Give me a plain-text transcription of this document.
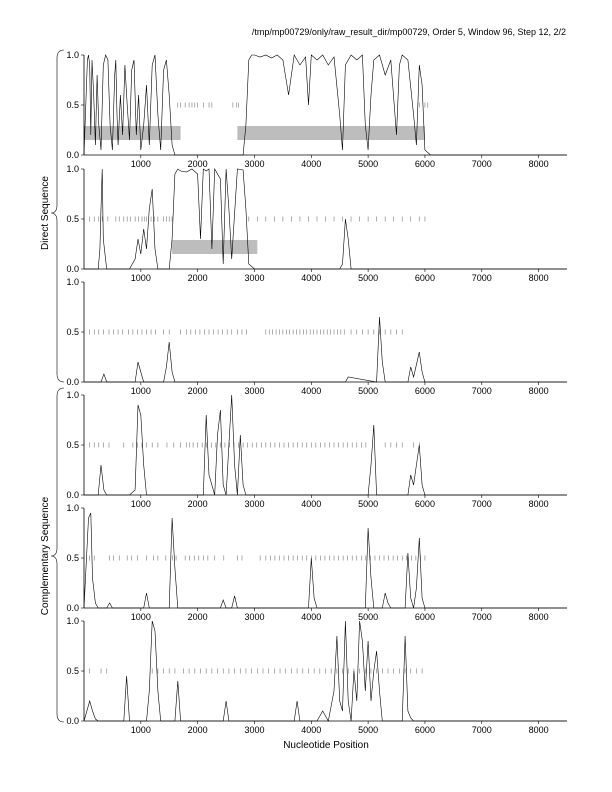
/tmp/mp00729/only/raw_result_dir/mp00729, Order 5, Window 96, Step 12, 2/2
0.0
0.5
1.0
1000	2000	3000	4000	5000	6000	7000	8000
0.0
0.5
1.0
1000	2000	3000	4000	5000	6000	7000	8000
0.0
0.5
1.0
1000	2000	3000	4000	5000	6000	7000	8000
0.0
0.5
1.0
1000	2000	3000	4000	5000	6000	7000	8000
0.0
0.5
1.0
1000	2000	3000	4000	5000	6000	7000	8000
0.0
0.5
1.0
1000	2000	3000	4000	5000	6000	7000	8000
Direct Sequence
Complementary Sequence
Nucleotide Position
